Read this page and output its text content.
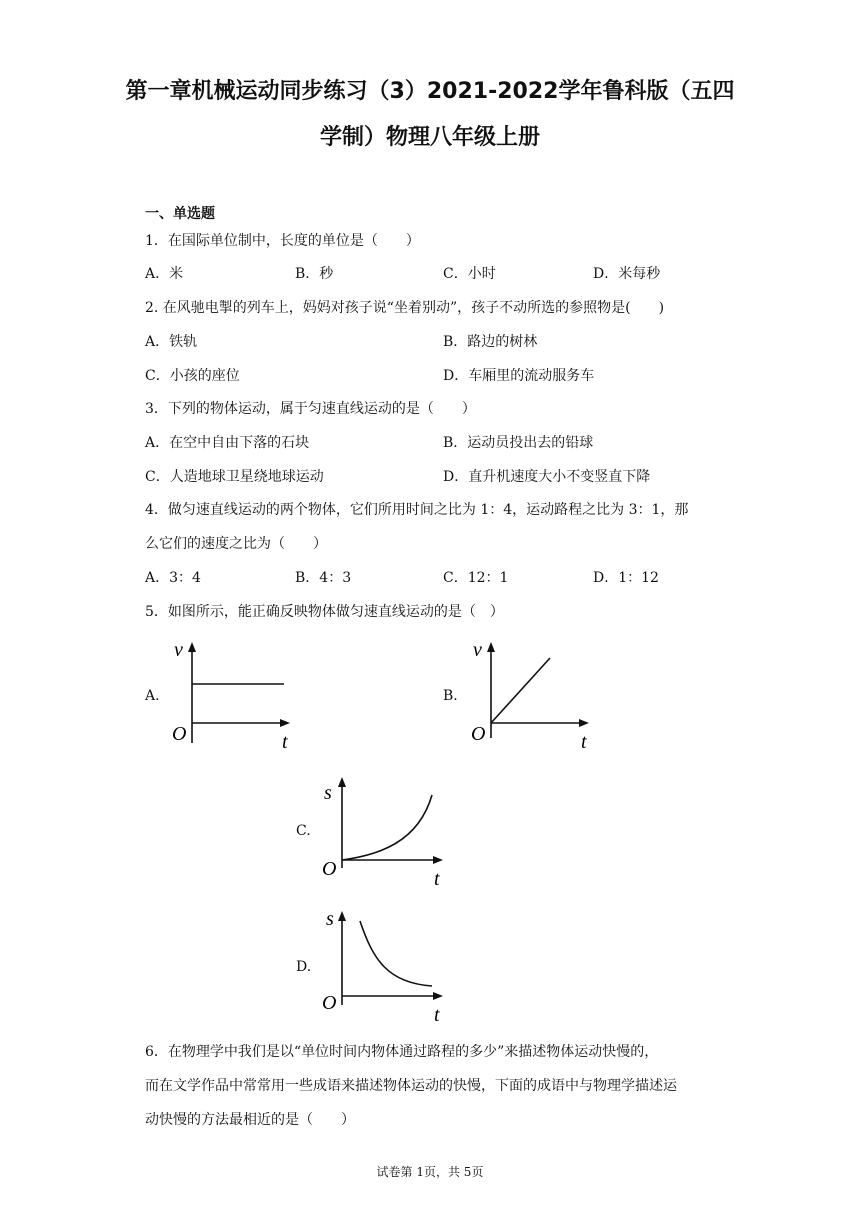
第一章机械运动同步练习（3）2021-2022学年鲁科版（五四
学制）物理八年级上册
一、单选题
1．在国际单位制中，长度的单位是（　　）
A．米	B．秒	C．小时	D．米每秒
2. 在风驰电掣的列车上，妈妈对孩子说“坐着别动”，孩子不动所选的参照物是(　　)
A．铁轨	B．路边的树林
C．小孩的座位	D．车厢里的流动服务车
3．下列的物体运动，属于匀速直线运动的是（　　）
A．在空中自由下落的石块	B．运动员投出去的铅球
C．人造地球卫星绕地球运动	D．直升机速度大小不变竖直下降
4．做匀速直线运动的两个物体，它们所用时间之比为 1：4，运动路程之比为 3：1，那
么它们的速度之比为（　　）
A．3：4	B．4：3	C．12：1	D．1：12
5．如图所示，能正确反映物体做匀速直线运动的是（　）
A.
v
t
O
B.
v
t
O
C.
s
t
O
D.
s
t
O
6．在物理学中我们是以“单位时间内物体通过路程的多少”来描述物体运动快慢的，
而在文学作品中常常用一些成语来描述物体运动的快慢，下面的成语中与物理学描述运
动快慢的方法最相近的是（　　）
试卷第 1页，共 5页
